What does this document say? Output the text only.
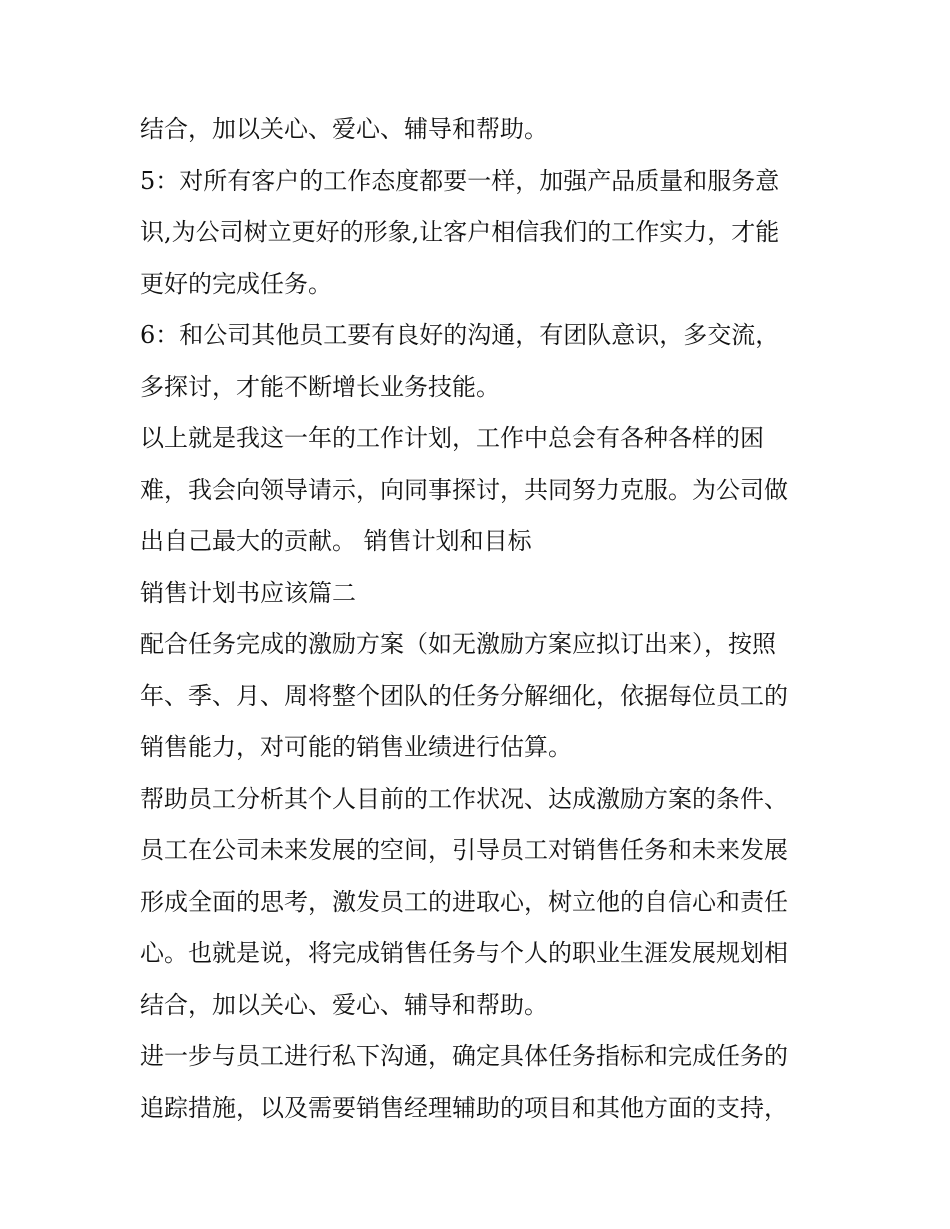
结合，加以关心、爱心、辅导和帮助。
5：对所有客户的工作态度都要一样，加强产品质量和服务意
识,为公司树立更好的形象,让客户相信我们的工作实力，才能
更好的完成任务。
6：和公司其他员工要有良好的沟通，有团队意识，多交流，
多探讨，才能不断增长业务技能。
以上就是我这一年的工作计划，工作中总会有各种各样的困
难，我会向领导请示，向同事探讨，共同努力克服。为公司做
出自己最大的贡献。 销售计划和目标
销售计划书应该篇二
配合任务完成的激励方案（如无激励方案应拟订出来），按照
年、季、月、周将整个团队的任务分解细化，依据每位员工的
销售能力，对可能的销售业绩进行估算。
帮助员工分析其个人目前的工作状况、达成激励方案的条件、
员工在公司未来发展的空间，引导员工对销售任务和未来发展
形成全面的思考，激发员工的进取心，树立他的自信心和责任
心。也就是说，将完成销售任务与个人的职业生涯发展规划相
结合，加以关心、爱心、辅导和帮助。
进一步与员工进行私下沟通，确定具体任务指标和完成任务的
追踪措施，以及需要销售经理辅助的项目和其他方面的支持，
